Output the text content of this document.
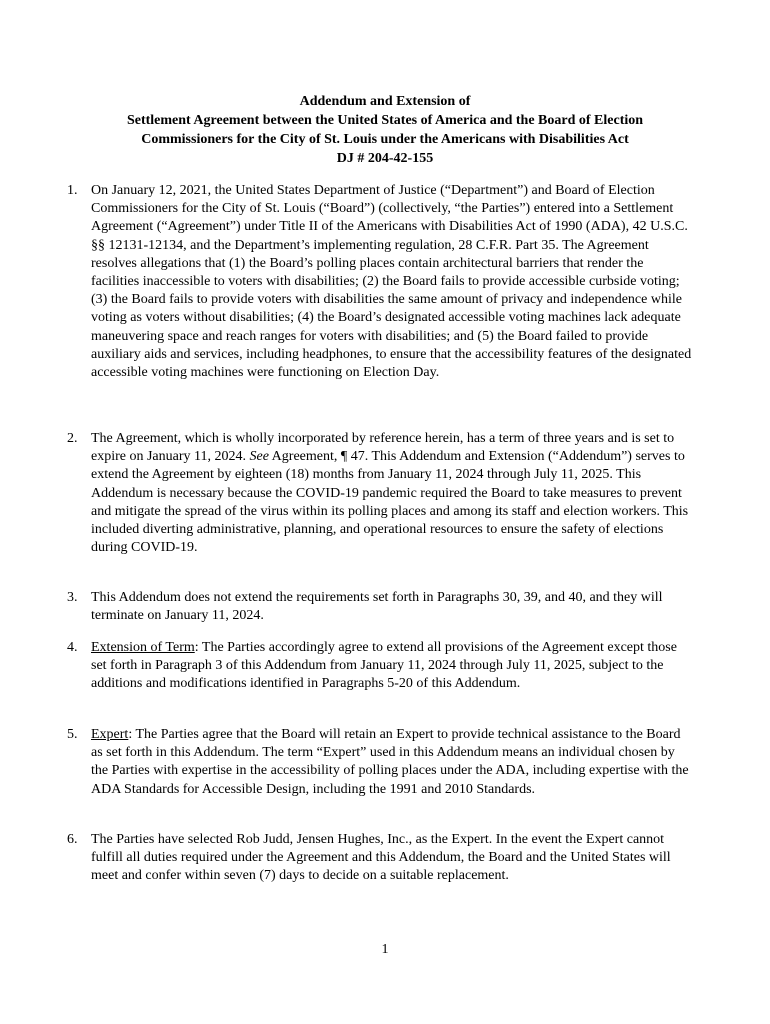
Addendum and Extension of
Settlement Agreement between the United States of America and the Board of Election
Commissioners for the City of St. Louis under the Americans with Disabilities Act
DJ # 204-42-155
1. On January 12, 2021, the United States Department of Justice (“Department”) and Board of Election Commissioners for the City of St. Louis (“Board”) (collectively, “the Parties”) entered into a Settlement Agreement (“Agreement”) under Title II of the Americans with Disabilities Act of 1990 (ADA), 42 U.S.C. §§ 12131-12134, and the Department’s implementing regulation, 28 C.F.R. Part 35. The Agreement resolves allegations that (1) the Board’s polling places contain architectural barriers that render the facilities inaccessible to voters with disabilities; (2) the Board fails to provide accessible curbside voting; (3) the Board fails to provide voters with disabilities the same amount of privacy and independence while voting as voters without disabilities; (4) the Board’s designated accessible voting machines lack adequate maneuvering space and reach ranges for voters with disabilities; and (5) the Board failed to provide auxiliary aids and services, including headphones, to ensure that the accessibility features of the designated accessible voting machines were functioning on Election Day.
2. The Agreement, which is wholly incorporated by reference herein, has a term of three years and is set to expire on January 11, 2024. See Agreement, ¶ 47. This Addendum and Extension (“Addendum”) serves to extend the Agreement by eighteen (18) months from January 11, 2024 through July 11, 2025. This Addendum is necessary because the COVID-19 pandemic required the Board to take measures to prevent and mitigate the spread of the virus within its polling places and among its staff and election workers. This included diverting administrative, planning, and operational resources to ensure the safety of elections during COVID-19.
3. This Addendum does not extend the requirements set forth in Paragraphs 30, 39, and 40, and they will terminate on January 11, 2024.
4. Extension of Term: The Parties accordingly agree to extend all provisions of the Agreement except those set forth in Paragraph 3 of this Addendum from January 11, 2024 through July 11, 2025, subject to the additions and modifications identified in Paragraphs 5-20 of this Addendum.
5. Expert: The Parties agree that the Board will retain an Expert to provide technical assistance to the Board as set forth in this Addendum. The term “Expert” used in this Addendum means an individual chosen by the Parties with expertise in the accessibility of polling places under the ADA, including expertise with the ADA Standards for Accessible Design, including the 1991 and 2010 Standards.
6. The Parties have selected Rob Judd, Jensen Hughes, Inc., as the Expert. In the event the Expert cannot fulfill all duties required under the Agreement and this Addendum, the Board and the United States will meet and confer within seven (7) days to decide on a suitable replacement.
1
